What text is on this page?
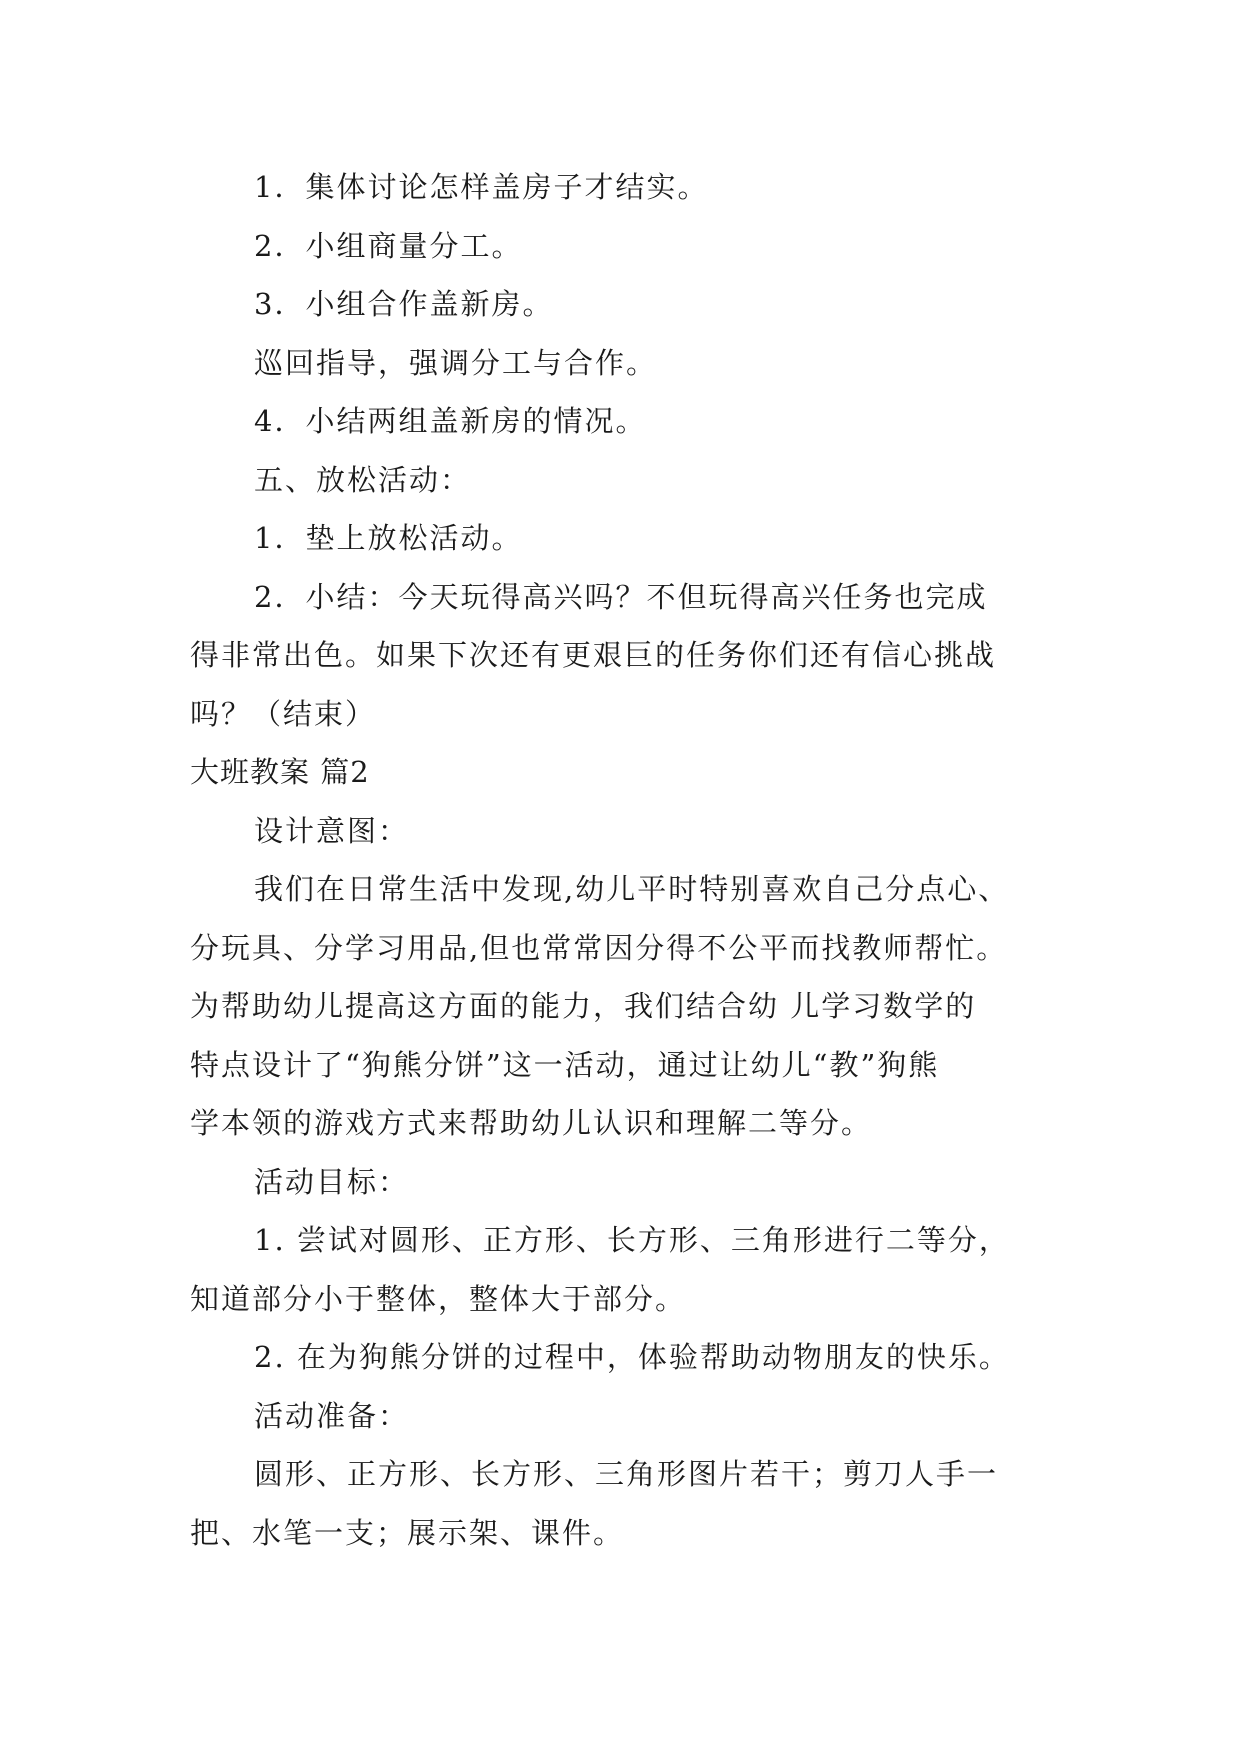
1．集体讨论怎样盖房子才结实。
2．小组商量分工。
3．小组合作盖新房。
巡回指导，强调分工与合作。
4．小结两组盖新房的情况。
五、放松活动：
1．垫上放松活动。
2．小结：今天玩得高兴吗？不但玩得高兴任务也完成
得非常出色。如果下次还有更艰巨的任务你们还有信心挑战
吗？（结束）
大班教案 篇2
设计意图：
我们在日常生活中发现,幼儿平时特别喜欢自己分点心、
分玩具、分学习用品,但也常常因分得不公平而找教师帮忙。
为帮助幼儿提高这方面的能力，我们结合幼 儿学习数学的
特点设计了“狗熊分饼”这一活动，通过让幼儿“教”狗熊
学本领的游戏方式来帮助幼儿认识和理解二等分。
活动目标：
1. 尝试对圆形、正方形、长方形、三角形进行二等分，
知道部分小于整体，整体大于部分。
2. 在为狗熊分饼的过程中，体验帮助动物朋友的快乐。
活动准备：
圆形、正方形、长方形、三角形图片若干；剪刀人手一
把、水笔一支；展示架、课件。
